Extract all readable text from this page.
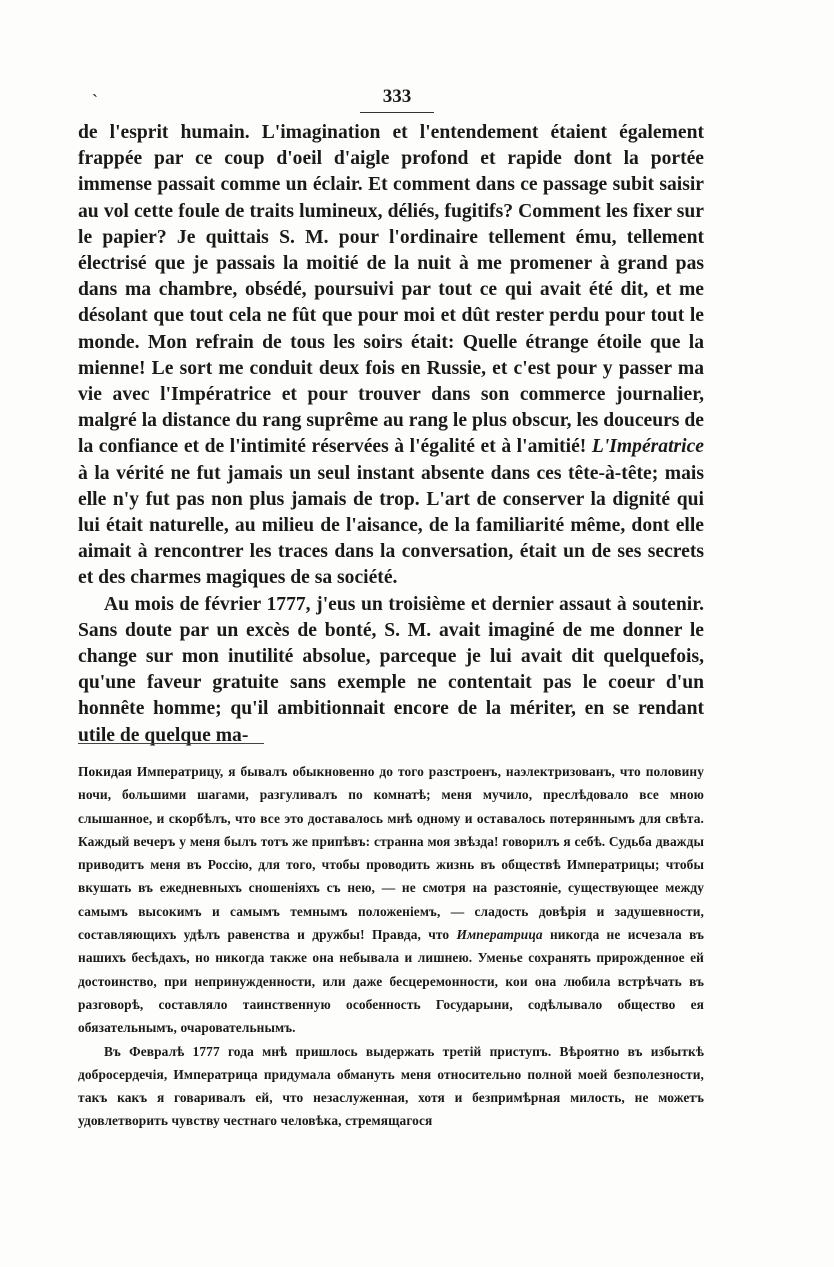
`	333

de l'esprit humain. L'imagination et l'entendement étaient également frappée par ce coup d'oeil d'aigle profond et rapide dont la portée immense passait comme un éclair. Et comment dans ce passage subit saisir au vol cette foule de traits lumineux, déliés, fugitifs? Comment les fixer sur le papier? Je quittais S. M. pour l'ordinaire tellement ému, tellement électrisé que je passais la moitié de la nuit à me promener à grand pas dans ma chambre, obsédé, poursuivi par tout ce qui avait été dit, et me désolant que tout cela ne fût que pour moi et dût rester perdu pour tout le monde. Mon refrain de tous les soirs était: Quelle étrange étoile que la mienne! Le sort me conduit deux fois en Russie, et c'est pour y passer ma vie avec l'Impératrice et pour trouver dans son commerce journalier, malgré la distance du rang suprême au rang le plus obscur, les douceurs de la confiance et de l'intimité réservées à l'égalité et à l'amitié! L'Impératrice à la vérité ne fut jamais un seul instant absente dans ces tête-à-tête; mais elle n'y fut pas non plus jamais de trop. L'art de conserver la dignité qui lui était naturelle, au milieu de l'aisance, de la familiarité même, dont elle aimait à rencontrer les traces dans la conversation, était un de ses secrets et des charmes magiques de sa société.

Au mois de février 1777, j'eus un troisième et dernier assaut à soutenir. Sans doute par un excès de bonté, S. M. avait imaginé de me donner le change sur mon inutilité absolue, parceque je lui avait dit quelquefois, qu'une faveur gratuite sans exemple ne contentait pas le coeur d'un honnête homme; qu'il ambitionnait encore de la mériter, en se rendant utile de quelque ma-

Покидая Императрицу, я бывалъ обыкновенно до того разстроенъ, наэлектризованъ, что половину ночи, большими шагами, разгуливалъ по комнатѣ; меня мучило, преслѣдовало все мною слышанное, и скорбѣлъ, что все это доставалось мнѣ одному и оставалось потеряннымъ для свѣта. Каждый вечеръ у меня былъ тотъ же припѣвъ: странна моя звѣзда! говорилъ я себѣ. Судьба дважды приводитъ меня въ Россію, для того, чтобы проводить жизнь въ обществѣ Императрицы; чтобы вкушать въ ежедневныхъ сношеніяхъ съ нею, — не смотря на разстояніе, существующее между самымъ высокимъ и самымъ темнымъ положеніемъ, — сладость довѣрія и задушевности, составляющихъ удѣлъ равенства и дружбы! Правда, что Императрица никогда не исчезала въ нашихъ бесѣдахъ, но никогда также она небывала и лишнею. Уменье сохранять прирожденное ей достоинство, при непринужденности, или даже бесцеремонности, кои она любила встрѣчать въ разговорѣ, составляло таинственную особенность Государыни, содѣлывало общество ея обязательнымъ, очаровательнымъ.

Въ Февралѣ 1777 года мнѣ пришлось выдержать третій приступъ. Вѣроятно въ избыткѣ добросердечія, Императрица придумала обмануть меня относительно полной моей безполезности, такъ какъ я говаривалъ ей, что незаслуженная, хотя и безпримѣрная милость, не можетъ удовлетворить чувству честнаго человѣка, стремящагося
